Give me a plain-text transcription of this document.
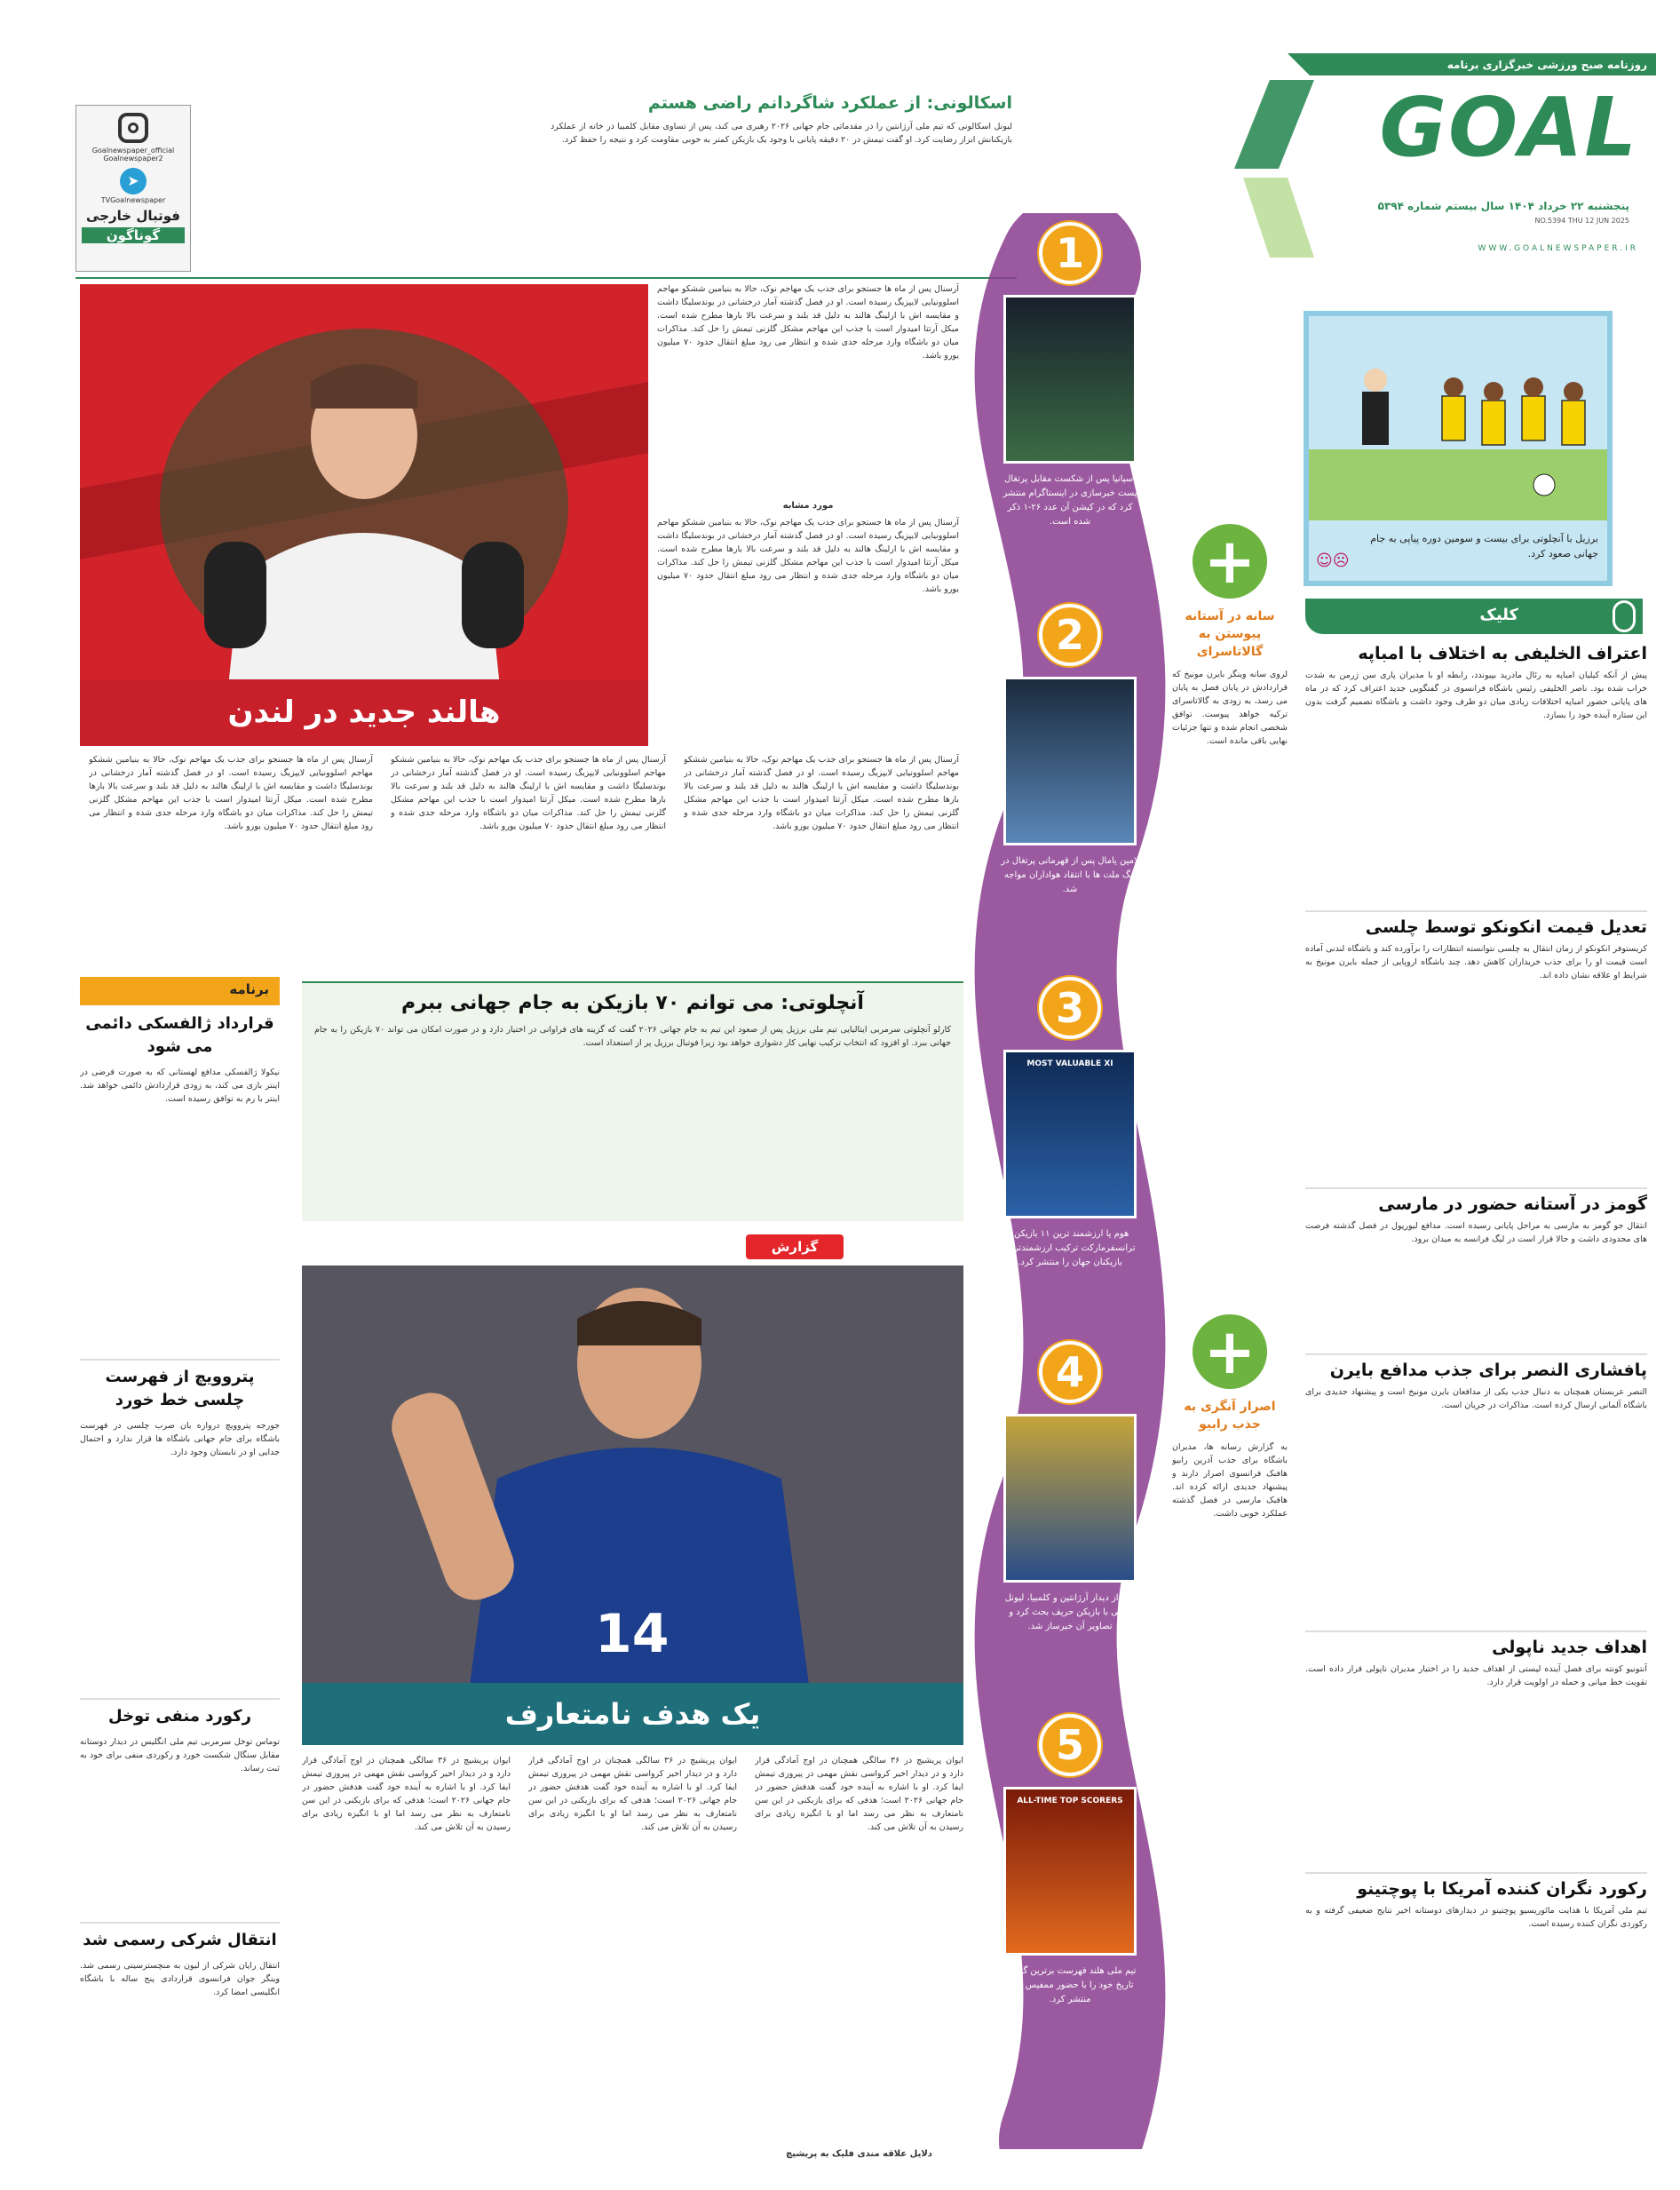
روزنامه صبح ورزشی خبرگزاری برنامه
GOAL
پنجشنبه ۲۲ خرداد ۱۴۰۴ سال بیستم شماره ۵۳۹۴
NO.5394 THU 12 JUN 2025
WWW.GOALNEWSPAPER.IR
Goalnewspaper_official
Goalnewspaper2
➤
TVGoalnewspaper
فوتبال خارجی
گوناگون
اسکالونی: از عملکرد شاگردانم راضی هستم
لیونل اسکالونی که تیم ملی آرژانتین را در مقدماتی جام جهانی ۲۰۲۶ رهبری می کند، پس از تساوی مقابل کلمبیا در خانه از عملکرد بازیکنانش ابراز رضایت کرد. او گفت تیمش در ۲۰ دقیقه پایانی با وجود یک بازیکن کمتر به خوبی مقاومت کرد و نتیجه را حفظ کرد.
برزیل با آنچلوتی برای بیست و سومین دوره پیاپی به جام جهانی صعود کرد.
☺☹
کلیک
اعتراف الخلیفی به اختلاف با امباپه
پیش از آنکه کیلیان امباپه به رئال مادرید بپیوندد، رابطه او با مدیران پاری سن ژرمن به شدت خراب شده بود. ناصر الخلیفی رئیس باشگاه فرانسوی در گفتگویی جدید اعتراف کرد که در ماه های پایانی حضور امباپه اختلافات زیادی میان دو طرف وجود داشت و باشگاه تصمیم گرفت بدون این ستاره آینده خود را بسازد.
تعدیل قیمت انکونکو توسط چلسی
کریستوفر انکونکو از زمان انتقال به چلسی نتوانسته انتظارات را برآورده کند و باشگاه لندنی آماده است قیمت او را برای جذب خریداران کاهش دهد. چند باشگاه اروپایی از جمله بایرن مونیخ به شرایط او علاقه نشان داده اند.
گومز در آستانه حضور در مارسی
انتقال جو گومز به مارسی به مراحل پایانی رسیده است. مدافع لیورپول در فصل گذشته فرصت های محدودی داشت و حالا قرار است در لیگ فرانسه به میدان برود.
پافشاری النصر برای جذب مدافع بایرن
النصر عربستان همچنان به دنبال جذب یکی از مدافعان بایرن مونیخ است و پیشنهاد جدیدی برای باشگاه آلمانی ارسال کرده است. مذاکرات در جریان است.
اهداف جدید ناپولی
آنتونیو کونته برای فصل آینده لیستی از اهداف جدید را در اختیار مدیران ناپولی قرار داده است. تقویت خط میانی و حمله در اولویت قرار دارد.
رکورد نگران کننده آمریکا با پوچتینو
تیم ملی آمریکا با هدایت مائوریسیو پوچتینو در دیدارهای دوستانه اخیر نتایج ضعیفی گرفته و به رکوردی نگران کننده رسیده است.
+
سانه در آستانه پیوستن به گالاتاسرای
لروی سانه وینگر بایرن مونیخ که قراردادش در پایان فصل به پایان می رسد، به زودی به گالاتاسرای ترکیه خواهد پیوست. توافق شخصی انجام شده و تنها جزئیات نهایی باقی مانده است.
+
اصرار آنگری به جذب رابیو
به گزارش رسانه ها، مدیران باشگاه برای جذب آدرین رابیو هافبک فرانسوی اصرار دارند و پیشنهاد جدیدی ارائه کرده اند. هافبک مارسی در فصل گذشته عملکرد خوبی داشت.
1
اسپانیا پس از شکست مقابل پرتغال پست خبرسازی در اینستاگرام منتشر کرد که در کپشن آن عدد ۲۶-۱ ذکر شده است.
2
لامین یامال پس از قهرمانی پرتغال در لیگ ملت ها با انتقاد هواداران مواجه شد.
3
MOST VALUABLE XI
هوم یا ارزشمند ترین ۱۱ بازیکن، ترانسفرمارکت ترکیب ارزشمندترین بازیکنان جهان را منتشر کرد.
4
پس از دیدار آرژانتین و کلمبیا، لیونل مسی با بازیکن حریف بحث کرد و تصاویر آن خبرساز شد.
5
ALL-TIME TOP SCORERS
تیم ملی هلند فهرست برترین گلزنان تاریخ خود را با حضور ممفیس دپای منتشر کرد.
هالند جدید در لندن
آرسنال پس از ماه ها جستجو برای جذب یک مهاجم نوک، حالا به بنیامین ششکو مهاجم اسلوونیایی لایپزیگ رسیده است. او در فصل گذشته آمار درخشانی در بوندسلیگا داشت و مقایسه اش با ارلینگ هالند به دلیل قد بلند و سرعت بالا بارها مطرح شده است. میکل آرتتا امیدوار است با جذب این مهاجم مشکل گلزنی تیمش را حل کند. مذاکرات میان دو باشگاه وارد مرحله جدی شده و انتظار می رود مبلغ انتقال حدود ۷۰ میلیون یورو باشد.
مورد مشابه
آرسنال پس از ماه ها جستجو برای جذب یک مهاجم نوک، حالا به بنیامین ششکو مهاجم اسلوونیایی لایپزیگ رسیده است. او در فصل گذشته آمار درخشانی در بوندسلیگا داشت و مقایسه اش با ارلینگ هالند به دلیل قد بلند و سرعت بالا بارها مطرح شده است. میکل آرتتا امیدوار است با جذب این مهاجم مشکل گلزنی تیمش را حل کند. مذاکرات میان دو باشگاه وارد مرحله جدی شده و انتظار می رود مبلغ انتقال حدود ۷۰ میلیون یورو باشد.
آرسنال پس از ماه ها جستجو برای جذب یک مهاجم نوک، حالا به بنیامین ششکو مهاجم اسلوونیایی لایپزیگ رسیده است. او در فصل گذشته آمار درخشانی در بوندسلیگا داشت و مقایسه اش با ارلینگ هالند به دلیل قد بلند و سرعت بالا بارها مطرح شده است. میکل آرتتا امیدوار است با جذب این مهاجم مشکل گلزنی تیمش را حل کند. مذاکرات میان دو باشگاه وارد مرحله جدی شده و انتظار می رود مبلغ انتقال حدود ۷۰ میلیون یورو باشد.
آرسنال پس از ماه ها جستجو برای جذب یک مهاجم نوک، حالا به بنیامین ششکو مهاجم اسلوونیایی لایپزیگ رسیده است. او در فصل گذشته آمار درخشانی در بوندسلیگا داشت و مقایسه اش با ارلینگ هالند به دلیل قد بلند و سرعت بالا بارها مطرح شده است. میکل آرتتا امیدوار است با جذب این مهاجم مشکل گلزنی تیمش را حل کند. مذاکرات میان دو باشگاه وارد مرحله جدی شده و انتظار می رود مبلغ انتقال حدود ۷۰ میلیون یورو باشد.
آرسنال پس از ماه ها جستجو برای جذب یک مهاجم نوک، حالا به بنیامین ششکو مهاجم اسلوونیایی لایپزیگ رسیده است. او در فصل گذشته آمار درخشانی در بوندسلیگا داشت و مقایسه اش با ارلینگ هالند به دلیل قد بلند و سرعت بالا بارها مطرح شده است. میکل آرتتا امیدوار است با جذب این مهاجم مشکل گلزنی تیمش را حل کند. مذاکرات میان دو باشگاه وارد مرحله جدی شده و انتظار می رود مبلغ انتقال حدود ۷۰ میلیون یورو باشد.
آنچلوتی: می توانم ۷۰ بازیکن به جام جهانی ببرم
کارلو آنچلوتی سرمربی ایتالیایی تیم ملی برزیل پس از صعود این تیم به جام جهانی ۲۰۲۶ گفت که گزینه های فراوانی در اختیار دارد و در صورت امکان می تواند ۷۰ بازیکن را به جام جهانی ببرد. او افزود که انتخاب ترکیب نهایی کار دشواری خواهد بود زیرا فوتبال برزیل پر از استعداد است.
برنامه
قرارداد ژالفسکی دائمی می شود
نیکولا ژالفسکی مدافع لهستانی که به صورت قرضی در اینتر بازی می کند، به زودی قراردادش دائمی خواهد شد. اینتر با رم به توافق رسیده است.
پتروویچ از فهرست چلسی خط خورد
جورجه پتروویچ دروازه بان صرب چلسی در فهرست باشگاه برای جام جهانی باشگاه ها قرار ندارد و احتمال جدایی او در تابستان وجود دارد.
رکورد منفی توخل
توماس توخل سرمربی تیم ملی انگلیس در دیدار دوستانه مقابل سنگال شکست خورد و رکوردی منفی برای خود به ثبت رساند.
انتقال شرکی رسمی شد
انتقال رایان شرکی از لیون به منچسترسیتی رسمی شد. وینگر جوان فرانسوی قراردادی پنج ساله با باشگاه انگلیسی امضا کرد.
گزارش
14
یک هدف نامتعارف
ایوان پریشیچ در ۳۶ سالگی همچنان در اوج آمادگی قرار دارد و در دیدار اخیر کرواسی نقش مهمی در پیروزی تیمش ایفا کرد. او با اشاره به آینده خود گفت هدفش حضور در جام جهانی ۲۰۲۶ است؛ هدفی که برای بازیکنی در این سن نامتعارف به نظر می رسد اما او با انگیزه زیادی برای رسیدن به آن تلاش می کند.
ایوان پریشیچ در ۳۶ سالگی همچنان در اوج آمادگی قرار دارد و در دیدار اخیر کرواسی نقش مهمی در پیروزی تیمش ایفا کرد. او با اشاره به آینده خود گفت هدفش حضور در جام جهانی ۲۰۲۶ است؛ هدفی که برای بازیکنی در این سن نامتعارف به نظر می رسد اما او با انگیزه زیادی برای رسیدن به آن تلاش می کند.
ایوان پریشیچ در ۳۶ سالگی همچنان در اوج آمادگی قرار دارد و در دیدار اخیر کرواسی نقش مهمی در پیروزی تیمش ایفا کرد. او با اشاره به آینده خود گفت هدفش حضور در جام جهانی ۲۰۲۶ است؛ هدفی که برای بازیکنی در این سن نامتعارف به نظر می رسد اما او با انگیزه زیادی برای رسیدن به آن تلاش می کند.
دلایل علاقه مندی فلیک به پریشیچ
